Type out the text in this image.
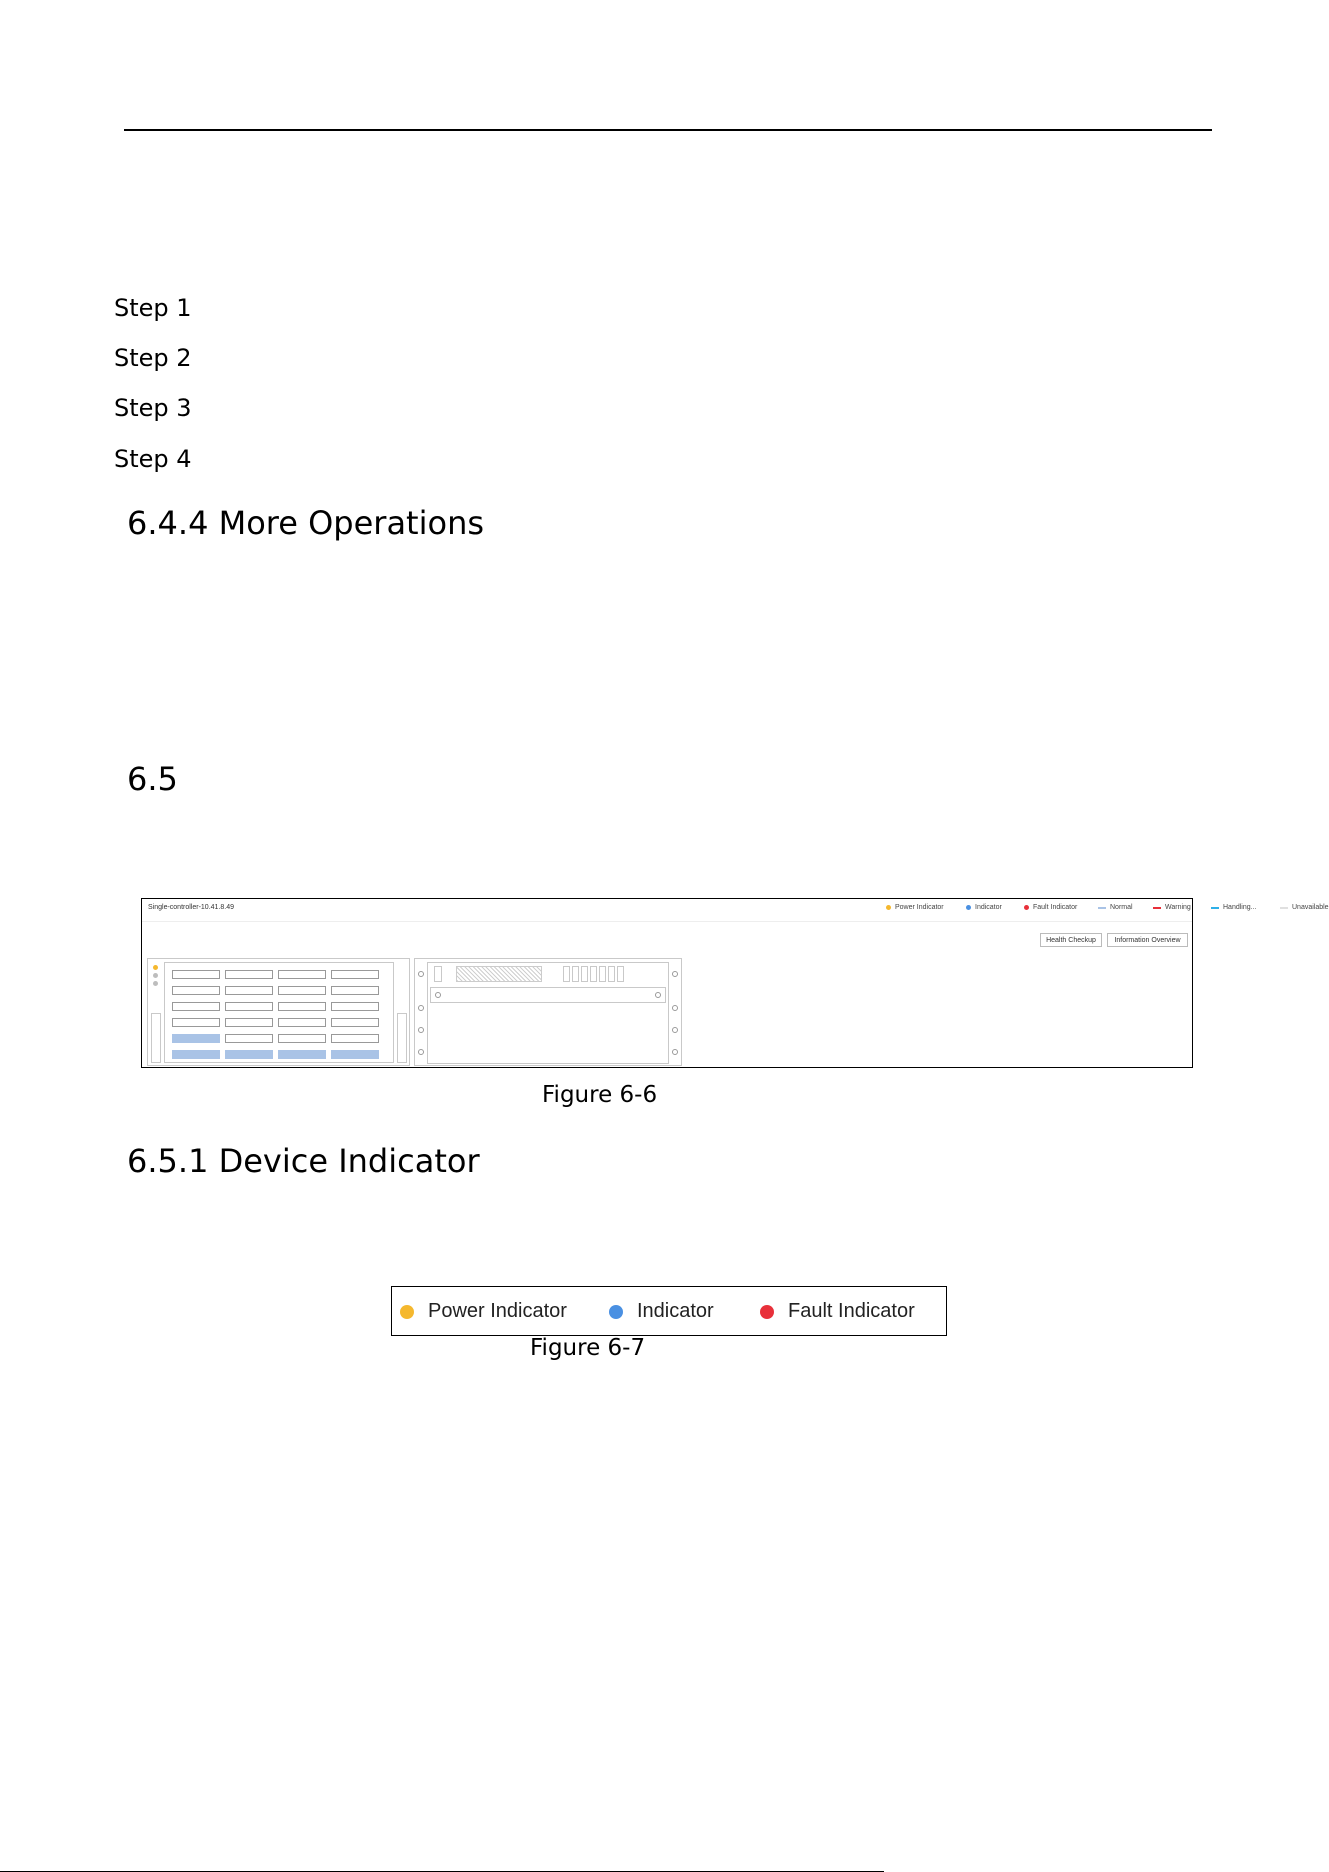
Step 1
Step 2
Step 3
Step 4
6.4.4 More Operations
6.5
Single-controller-10.41.8.49	Power Indicator	Indicator	Fault Indicator	Normal	Warning	Handling...	Unavailable
Health Checkup	Information Overview
Figure 6-6
6.5.1 Device Indicator
Power Indicator	Indicator	Fault Indicator
Figure 6-7
